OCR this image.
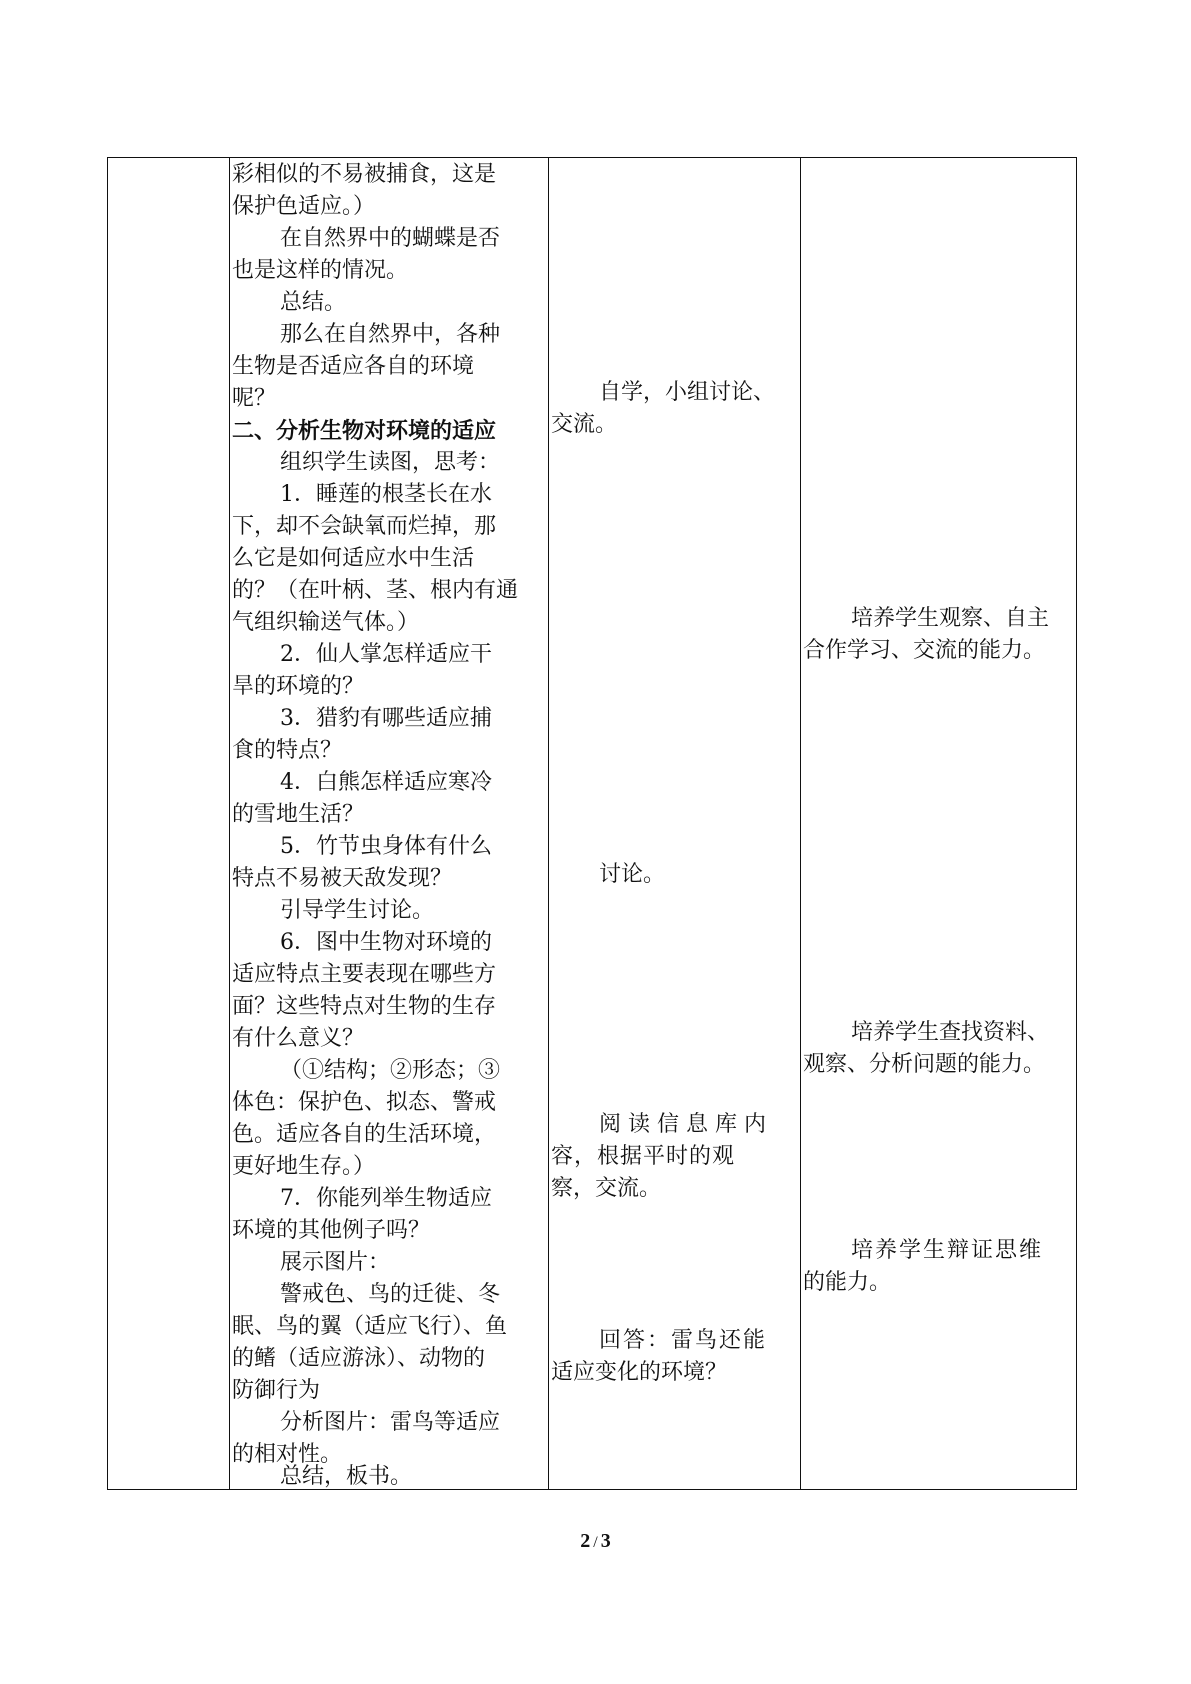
彩相似的不易被捕食，这是
保护色适应。）
在自然界中的蝴蝶是否
也是这样的情况。
总结。
那么在自然界中，各种
生物是否适应各自的环境
呢？
二、分析生物对环境的适应
组织学生读图，思考：
1．睡莲的根茎长在水
下，却不会缺氧而烂掉，那
么它是如何适应水中生活
的？（在叶柄、茎、根内有通
气组织输送气体。）
2．仙人掌怎样适应干
旱的环境的？
3．猎豹有哪些适应捕
食的特点？
4．白熊怎样适应寒冷
的雪地生活？
5．竹节虫身体有什么
特点不易被天敌发现？
引导学生讨论。
6．图中生物对环境的
适应特点主要表现在哪些方
面？这些特点对生物的生存
有什么意义？
（①结构；②形态；③
体色：保护色、拟态、警戒
色。适应各自的生活环境，
更好地生存。）
7．你能列举生物适应
环境的其他例子吗？
展示图片：
警戒色、鸟的迁徙、冬
眠、鸟的翼（适应飞行）、鱼
的鳍（适应游泳）、动物的
防御行为
分析图片：雷鸟等适应
的相对性。
总结，板书。
自学，小组讨论、
交流。
讨论。
阅读信息库内
容，根据平时的观
察，交流。
回答：雷鸟还能
适应变化的环境？
培养学生观察、自主
合作学习、交流的能力。
培养学生查找资料、
观察、分析问题的能力。
培养学生辩证思维
的能力。
2 / 3
